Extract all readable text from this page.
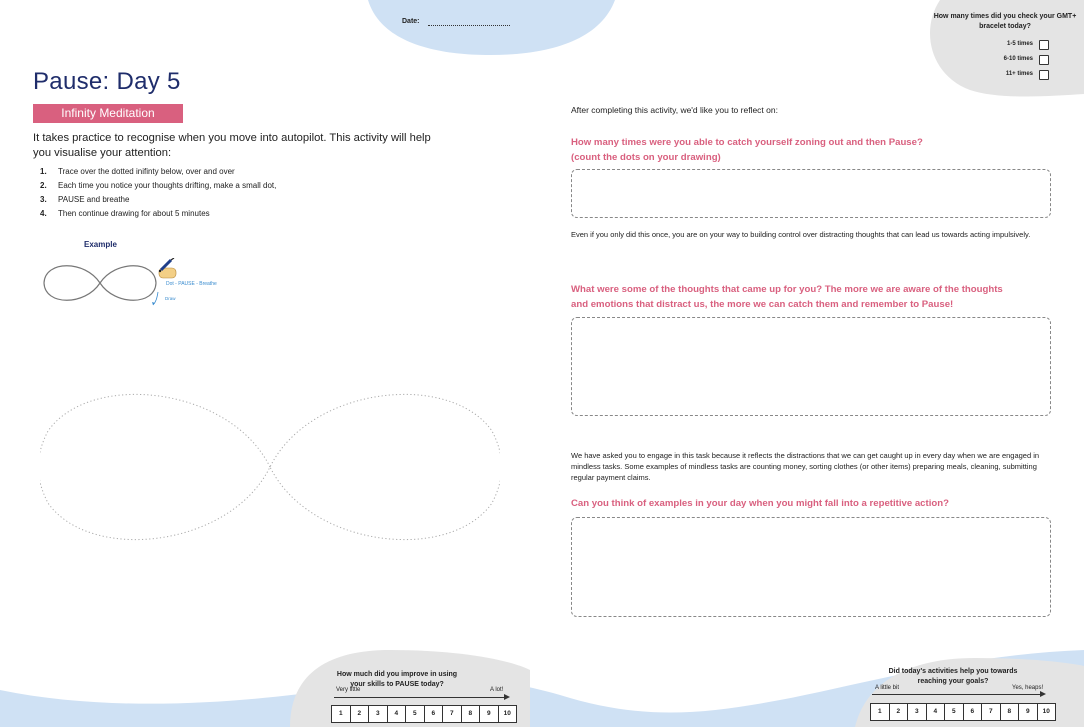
Date:
How many times did you check your GMT+ bracelet today?
1-5 times
6-10 times
11+ times
Pause: Day 5
Infinity Meditation
It takes practice to recognise when you move into autopilot. This activity will help you visualise your attention:
1. Trace over the dotted inifinty below, over and over
2. Each time you notice your thoughts drifting, make a small dot,
3. PAUSE and breathe
4. Then continue drawing for about 5 minutes
Example
Dot - PAUSE - Breathe
Draw
After completing this activity, we'd like you to reflect on:
How many times were you able to catch yourself zoning out and then Pause?
(count the dots on your drawing)
Even if you only did this once, you are on your way to building control over distracting thoughts that can lead us towards acting impulsively.
What were some of the thoughts that came up for you? The more we are aware of the thoughts
and emotions that distract us, the more we can catch them and remember to Pause!
We have asked you to engage in this task because it reflects the distractions that we can get caught up in every day when we are engaged in mindless tasks. Some examples of mindless tasks are counting money, sorting clothes (or other items) preparing meals, cleaning, submitting regular payment claims.
Can you think of examples in your day when you might fall into a repetitive action?
How much did you improve in using your skills to PAUSE today?
Very little	A lot!
1	2	3	4	5	6	7	8	9	10
Did today's activities help you towards reaching your goals?
A little bit	Yes, heaps!
1	2	3	4	5	6	7	8	9	10
